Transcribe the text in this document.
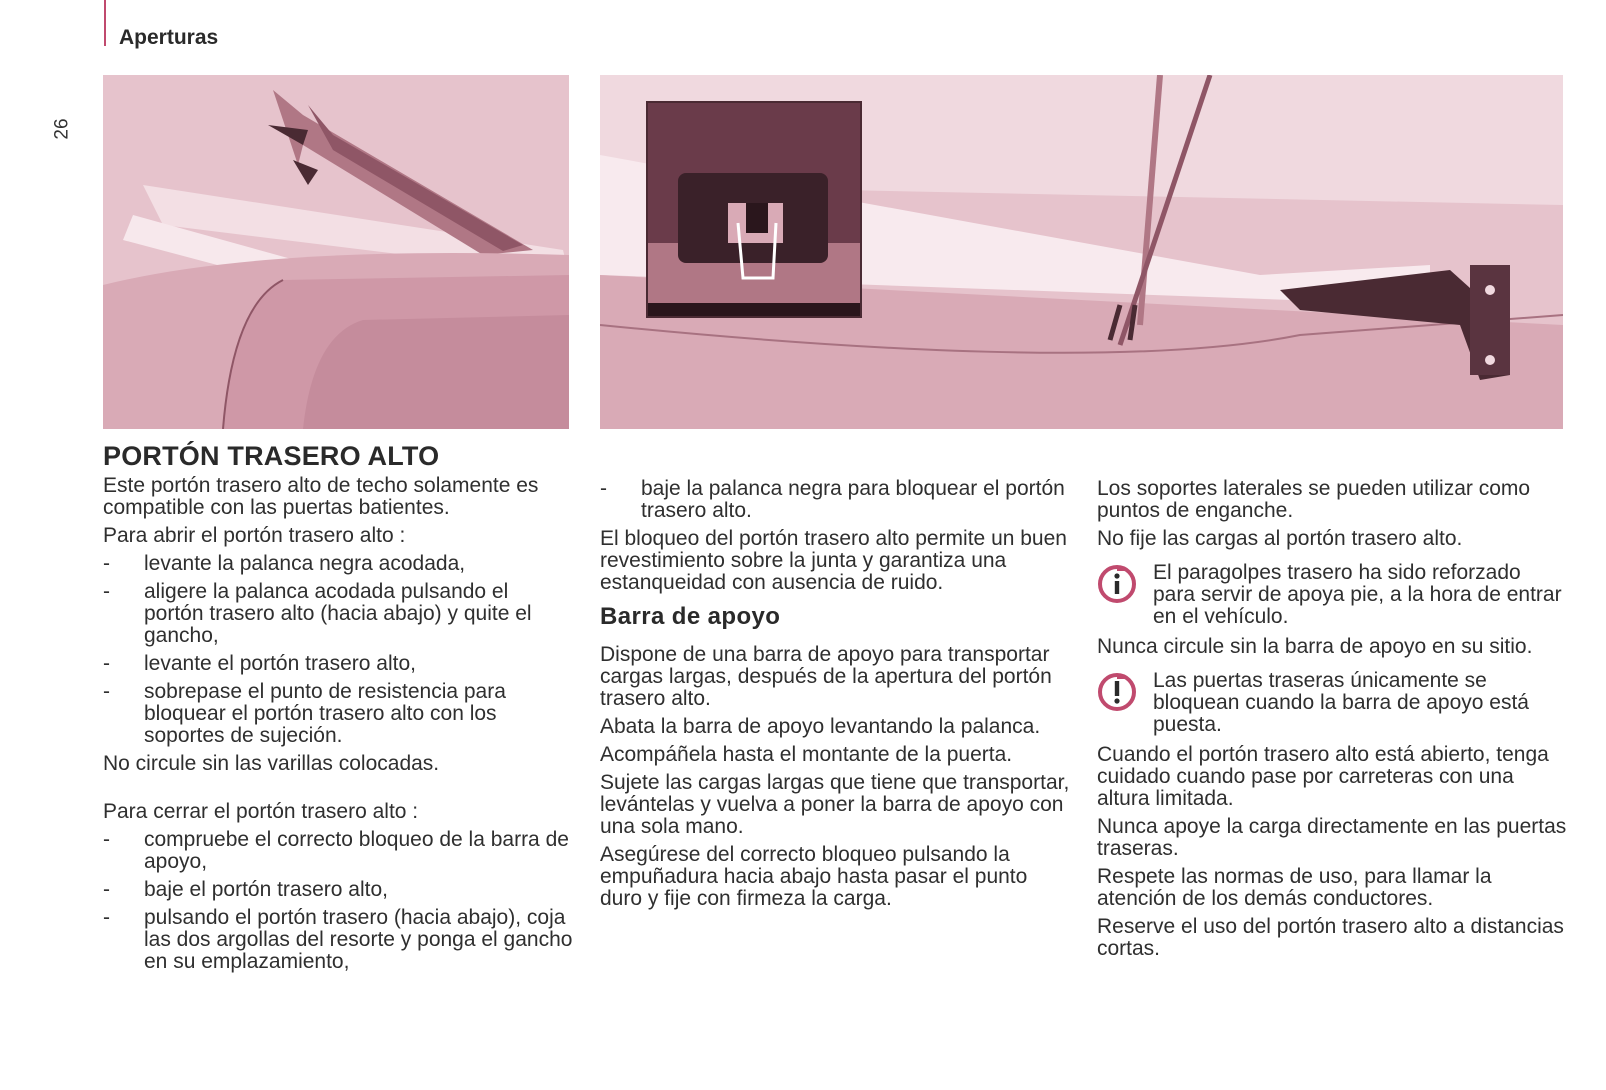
Aperturas
26
PORTÓN TRASERO ALTO

Este portón trasero alto de techo solamente es compatible con las puertas batientes.

Para abrir el portón trasero alto :

- levante la palanca negra acodada,
- aligere la palanca acodada pulsando el portón trasero alto (hacia abajo) y quite el gancho,
- levante el portón trasero alto,
- sobrepase el punto de resistencia para bloquear el portón trasero alto con los soportes de sujeción.

No circule sin las varillas colocadas.

Para cerrar el portón trasero alto :

- compruebe el correcto bloqueo de la barra de apoyo,
- baje el portón trasero alto,
- pulsando el portón trasero (hacia abajo), coja las dos argollas del resorte y ponga el gancho en su emplazamiento,
- baje la palanca negra para bloquear el portón trasero alto.

El bloqueo del portón trasero alto permite un buen revestimiento sobre la junta y garantiza una estanqueidad con ausencia de ruido.

Barra de apoyo

Dispone de una barra de apoyo para transportar cargas largas, después de la apertura del portón trasero alto.

Abata la barra de apoyo levantando la palanca.

Acompáñela hasta el montante de la puerta.

Sujete las cargas largas que tiene que transportar, levántelas y vuelva a poner la barra de apoyo con una sola mano.

Asegúrese del correcto bloqueo pulsando la empuñadura hacia abajo hasta pasar el punto duro y fije con firmeza la carga.

Los soportes laterales se pueden utilizar como puntos de enganche.

No fije las cargas al portón trasero alto.

El paragolpes trasero ha sido reforzado para servir de apoya pie, a la hora de entrar en el vehículo.

Nunca circule sin la barra de apoyo en su sitio.

Las puertas traseras únicamente se bloquean cuando la barra de apoyo está puesta.

Cuando el portón trasero alto está abierto, tenga cuidado cuando pase por carreteras con una altura limitada.

Nunca apoye la carga directamente en las puertas traseras.

Respete las normas de uso, para llamar la atención de los demás conductores.

Reserve el uso del portón trasero alto a distancias cortas.
